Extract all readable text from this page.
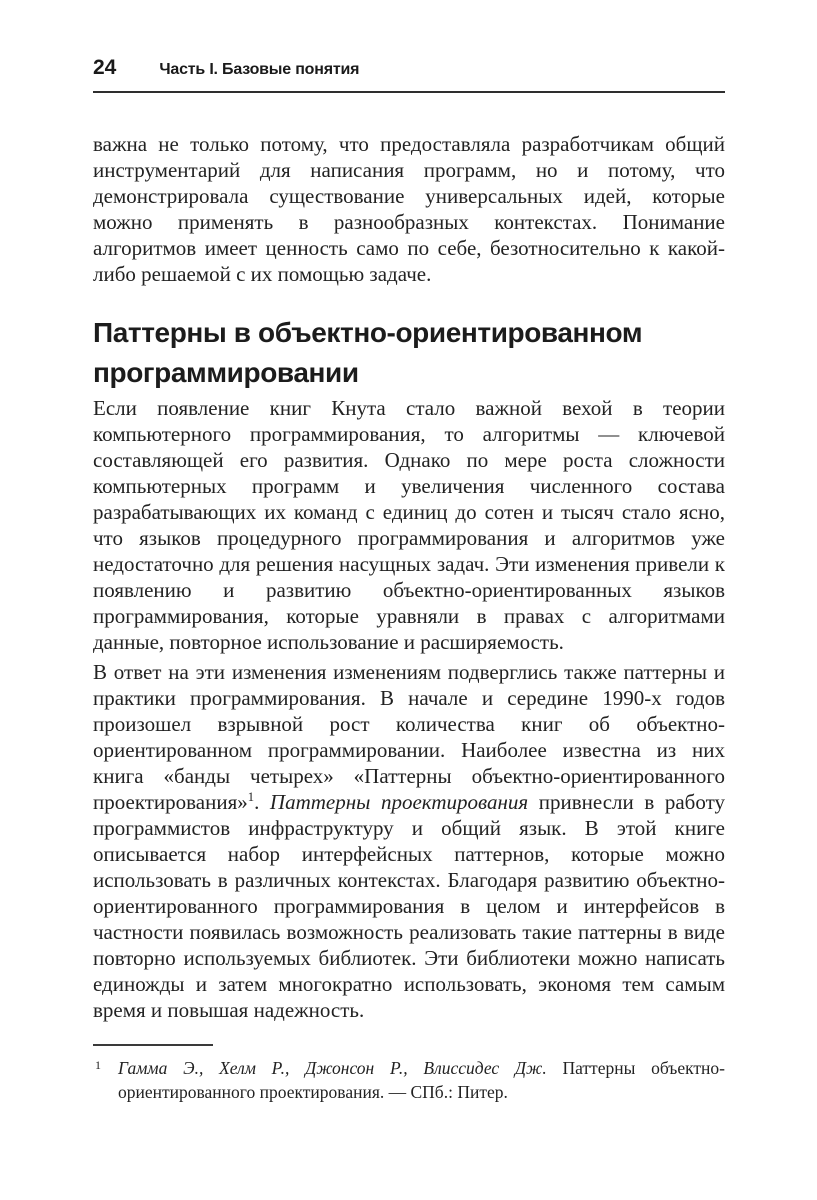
24	Часть I. Базовые понятия

важна не только потому, что предоставляла разработчикам общий инструментарий для написания программ, но и потому, что демонстрировала существование универсальных идей, которые можно применять в разнообразных контекстах. Понимание алгоритмов имеет ценность само по себе, безотносительно к какой-либо решаемой с их помощью задаче.

Паттерны в объектно-ориентированном программировании

Если появление книг Кнута стало важной вехой в теории компьютерного программирования, то алгоритмы — ключевой составляющей его развития. Однако по мере роста сложности компьютерных программ и увеличения численного состава разрабатывающих их команд с единиц до сотен и тысяч стало ясно, что языков процедурного программирования и алгоритмов уже недостаточно для решения насущных задач. Эти изменения привели к появлению и развитию объектно-ориентированных языков программирования, которые уравняли в правах с алгоритмами данные, повторное использование и расширяемость.

В ответ на эти изменения изменениям подверглись также паттерны и практики программирования. В начале и середине 1990-х годов произошел взрывной рост количества книг об объектно-ориентированном программировании. Наиболее известна из них книга «банды четырех» «Паттерны объектно-ориентированного проектирования»$^1$. Паттерны проектирования привнесли в работу программистов инфраструктуру и общий язык. В этой книге описывается набор интерфейсных паттернов, которые можно использовать в различных контекстах. Благодаря развитию объектно-ориентированного программирования в целом и интерфейсов в частности появилась возможность реализовать такие паттерны в виде повторно используемых библиотек. Эти библиотеки можно написать единожды и затем многократно использовать, экономя тем самым время и повышая надежность.

1 Гамма Э., Хелм Р., Джонсон Р., Влиссидес Дж. Паттерны объектно-ориентированного проектирования. — СПб.: Питер.
